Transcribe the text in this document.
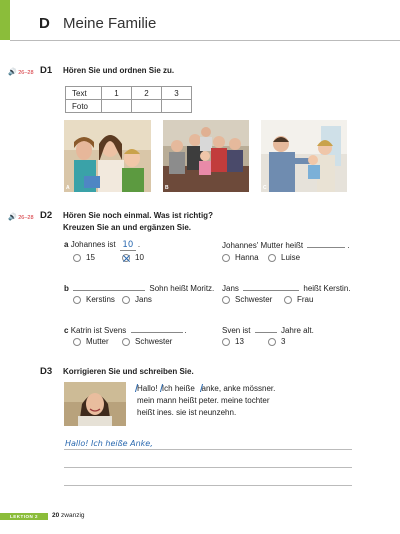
D Meine Familie
🔊 26–28 D1 Hören Sie und ordnen Sie zu.
Text	1	2	3
Foto			
A	B	C
🔊 26–28 D2 Hören Sie noch einmal. Was ist richtig?
Kreuzen Sie an und ergänzen Sie.
a Johannes ist 10 .
15	10
Johannes' Mutter heißt	.
Hanna	Luise
b	Sohn heißt Moritz.
Kerstins	Jans
Jans	heißt Kerstin.
Schwester	Frau
c Katrin ist Svens	.
Mutter	Schwester
Sven ist	Jahre alt.
13	3
D3 Korrigieren Sie und schreiben Sie.
Hallo! Ich heiße anke, anke mössner.
mein mann heißt peter. meine tochter
heißt ines. sie ist neunzehn.
Hallo! Ich heiße Anke,
LEKTION 2	20 zwanzig
